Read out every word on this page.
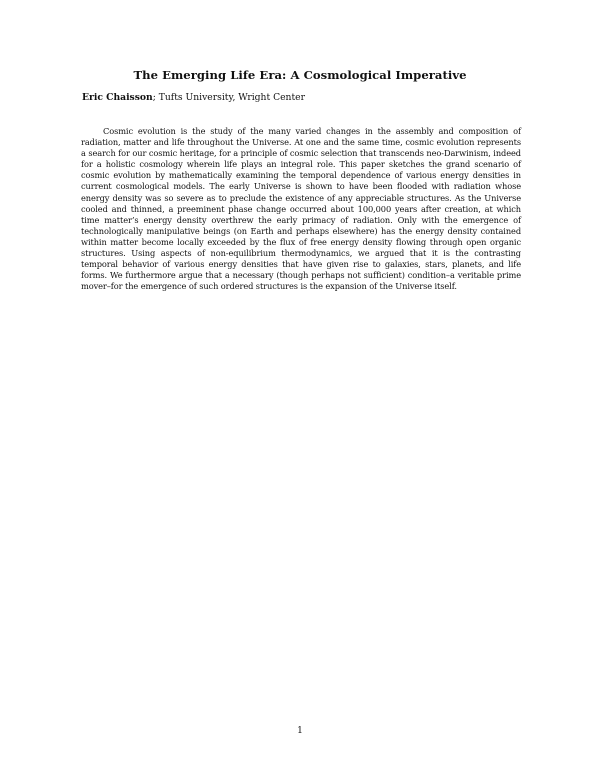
The Emerging Life Era: A Cosmological Imperative
Eric Chaisson; Tufts University, Wright Center

Cosmic evolution is the study of the many varied changes in the assembly and composition of radiation, matter and life throughout the Universe. At one and the same time, cosmic evolution represents a search for our cosmic heritage, for a principle of cosmic selection that transcends neo-Darwinism, indeed for a holistic cosmology wherein life plays an integral role. This paper sketches the grand scenario of cosmic evolution by mathematically examining the temporal dependence of various energy densities in current cosmological models. The early Universe is shown to have been flooded with radiation whose energy density was so severe as to preclude the existence of any appreciable structures. As the Universe cooled and thinned, a preeminent phase change occurred about 100,000 years after creation, at which time matter’s energy density overthrew the early primacy of radiation. Only with the emergence of technologically manipulative beings (on Earth and perhaps elsewhere) has the energy density contained within matter become locally exceeded by the flux of free energy density flowing through open organic structures. Using aspects of non-equilibrium thermodynamics, we argued that it is the contrasting temporal behavior of various energy densities that have given rise to galaxies, stars, planets, and life forms. We furthermore argue that a necessary (though perhaps not sufficient) condition–a veritable prime mover–for the emergence of such ordered structures is the expansion of the Universe itself.

1
